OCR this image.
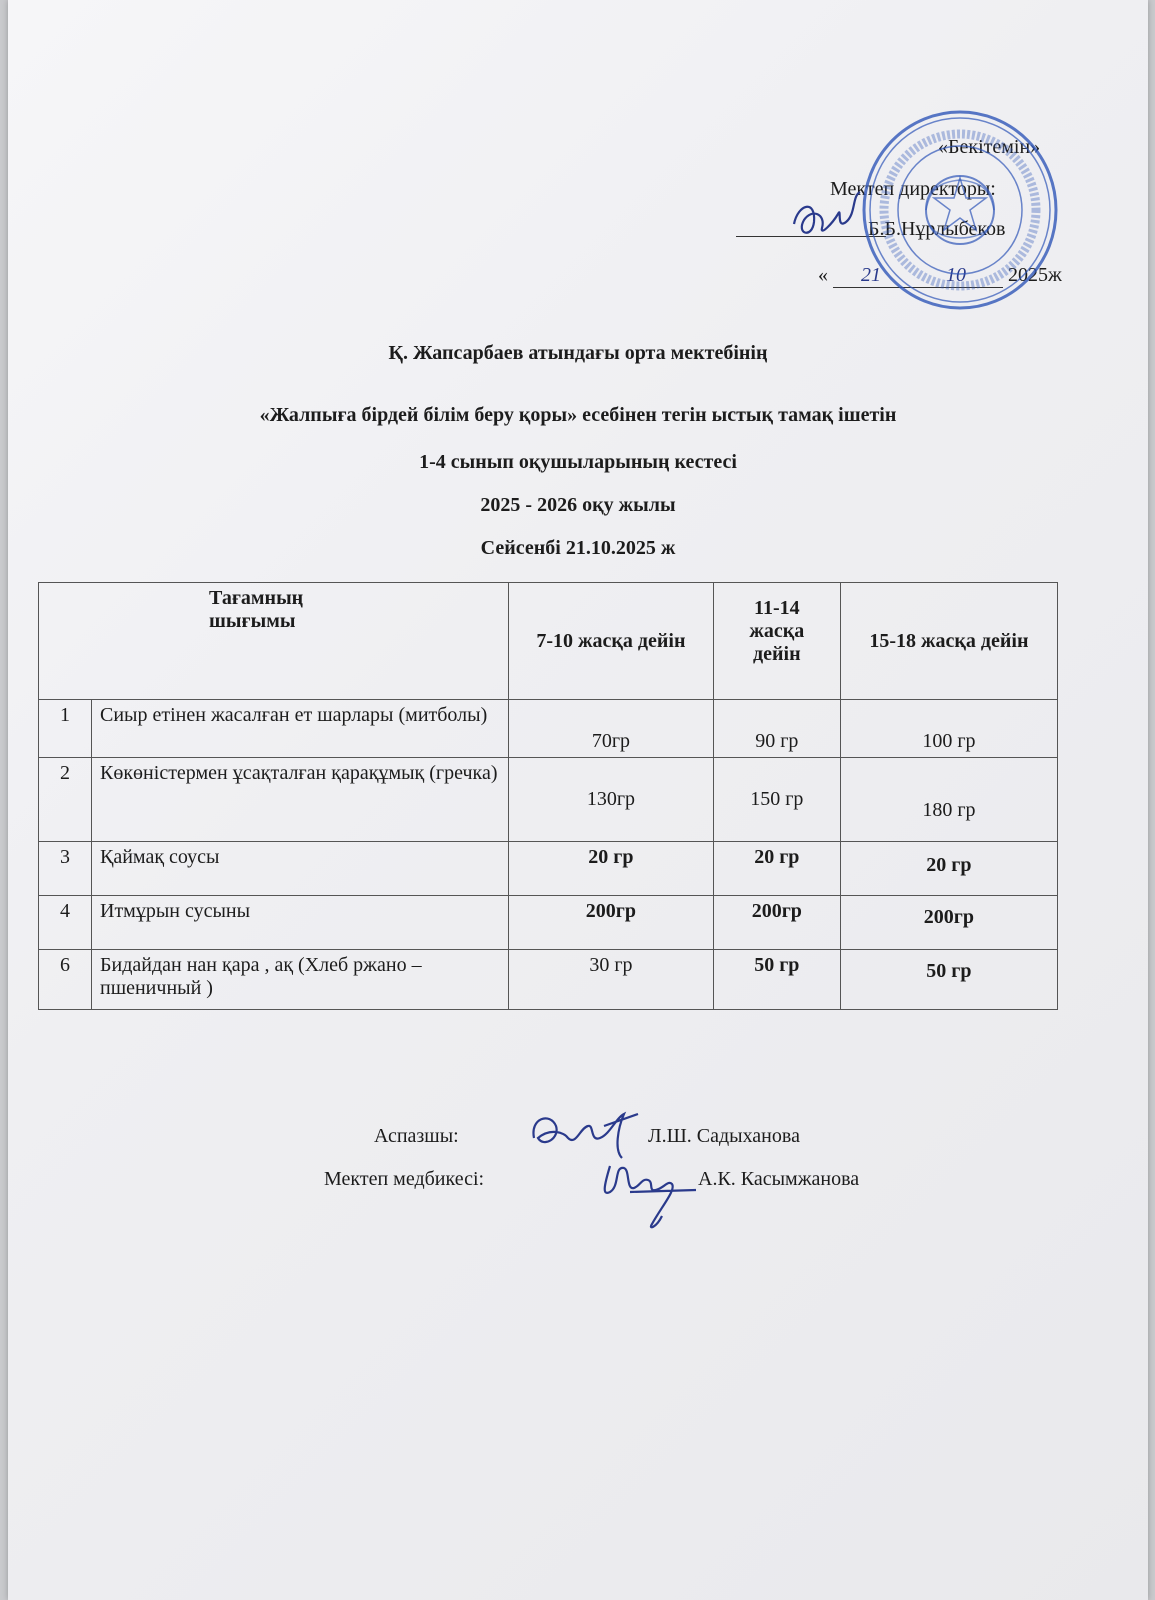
«Бекітемін»
Мектеп директоры:
Б.Б.Нұрлыбеков
« 21	10 2025ж
Қ. Жапсарбаев атындағы орта мектебінің
«Жалпыға бірдей білім беру қоры» есебінен тегін ыстық тамақ ішетін
1-4 сынып оқушыларының кестесі
2025 - 2026 оқу жылы
Сейсенбі 21.10.2025 ж
Тағамның шығымы		7-10 жасқа дейін	11-14 жасқа дейін	15-18 жасқа дейін

1	Сиыр етінен жасалған ет шарлары (митболы)	70гр	90 гр	100 гр
2	Көкөністермен ұсақталған қарақұмық (гречка)	130гр	150 гр	180 гр
3	Қаймақ соусы	20 гр	20 гр	20 гр
4	Итмұрын сусыны	200гр	200гр	200гр
6	Бидайдан нан қара , ақ (Хлеб ржано – пшеничный )	30 гр	50 гр	50 гр
Аспазшы:	Л.Ш. Садыханова
Мектеп медбикесі:	А.К. Касымжанова
